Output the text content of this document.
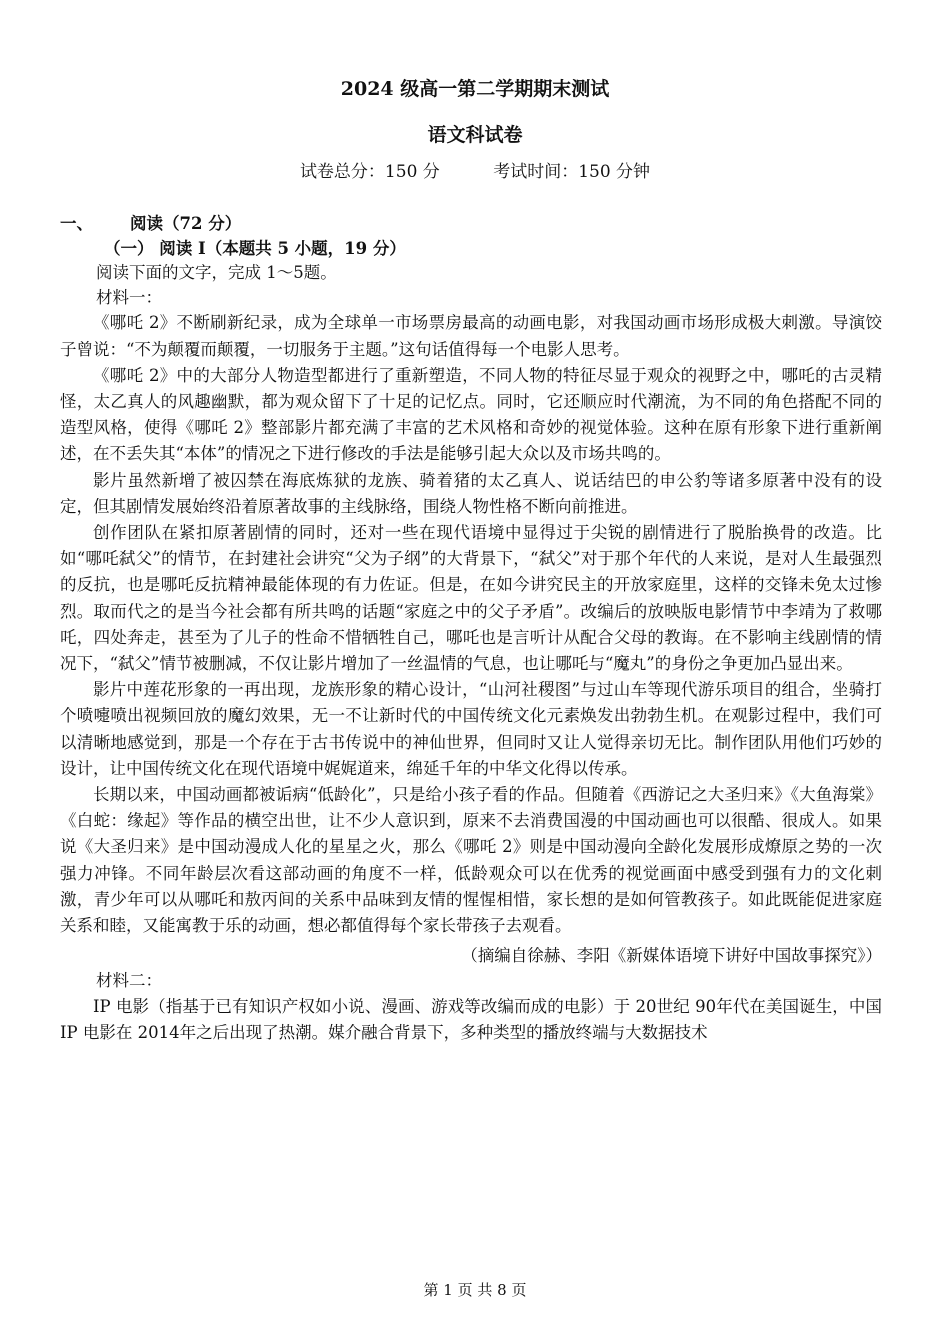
2024 级高一第二学期期末测试
语文科试卷
试卷总分：150 分	考试时间：150 分钟
一、 阅读（72 分）
（一） 阅读 I（本题共 5 小题，19 分）
阅读下面的文字，完成 1～5题。
材料一：

《哪吒 2》不断刷新纪录，成为全球单一市场票房最高的动画电影，对我国动画市场形成极大刺激。导演饺子曾说：“不为颠覆而颠覆，一切服务于主题。”这句话值得每一个电影人思考。

《哪吒 2》中的大部分人物造型都进行了重新塑造，不同人物的特征尽显于观众的视野之中，哪吒的古灵精怪，太乙真人的风趣幽默，都为观众留下了十足的记忆点。同时，它还顺应时代潮流，为不同的角色搭配不同的造型风格，使得《哪吒 2》整部影片都充满了丰富的艺术风格和奇妙的视觉体验。这种在原有形象下进行重新阐述，在不丢失其“本体”的情况之下进行修改的手法是能够引起大众以及市场共鸣的。

影片虽然新增了被囚禁在海底炼狱的龙族、骑着猪的太乙真人、说话结巴的申公豹等诸多原著中没有的设定，但其剧情发展始终沿着原著故事的主线脉络，围绕人物性格不断向前推进。

创作团队在紧扣原著剧情的同时，还对一些在现代语境中显得过于尖锐的剧情进行了脱胎换骨的改造。比如“哪吒弑父”的情节，在封建社会讲究“父为子纲”的大背景下，“弑父”对于那个年代的人来说，是对人生最强烈的反抗，也是哪吒反抗精神最能体现的有力佐证。但是，在如今讲究民主的开放家庭里，这样的交锋未免太过惨烈。取而代之的是当今社会都有所共鸣的话题“家庭之中的父子矛盾”。改编后的放映版电影情节中李靖为了救哪吒，四处奔走，甚至为了儿子的性命不惜牺牲自己，哪吒也是言听计从配合父母的教诲。在不影响主线剧情的情况下，“弑父”情节被删减，不仅让影片增加了一丝温情的气息，也让哪吒与“魔丸”的身份之争更加凸显出来。

影片中莲花形象的一再出现，龙族形象的精心设计，“山河社稷图”与过山车等现代游乐项目的组合，坐骑打个喷嚏喷出视频回放的魔幻效果，无一不让新时代的中国传统文化元素焕发出勃勃生机。在观影过程中，我们可以清晰地感觉到，那是一个存在于古书传说中的神仙世界，但同时又让人觉得亲切无比。制作团队用他们巧妙的设计，让中国传统文化在现代语境中娓娓道来，绵延千年的中华文化得以传承。

长期以来，中国动画都被诟病“低龄化”，只是给小孩子看的作品。但随着《西游记之大圣归来》《大鱼海棠》《白蛇：缘起》等作品的横空出世，让不少人意识到，原来不去消费国漫的中国动画也可以很酷、很成人。如果说《大圣归来》是中国动漫成人化的星星之火，那么《哪吒 2》则是中国动漫向全龄化发展形成燎原之势的一次强力冲锋。不同年龄层次看这部动画的角度不一样，低龄观众可以在优秀的视觉画面中感受到强有力的文化刺激，青少年可以从哪吒和敖丙间的关系中品味到友情的惺惺相惜，家长想的是如何管教孩子。如此既能促进家庭关系和睦，又能寓教于乐的动画，想必都值得每个家长带孩子去观看。

（摘编自徐赫、李阳《新媒体语境下讲好中国故事探究》）

材料二：

IP 电影（指基于已有知识产权如小说、漫画、游戏等改编而成的电影）于 20世纪 90年代在美国诞生，中国 IP 电影在 2014年之后出现了热潮。媒介融合背景下，多种类型的播放终端与大数据技术

第 1 页 共 8 页
